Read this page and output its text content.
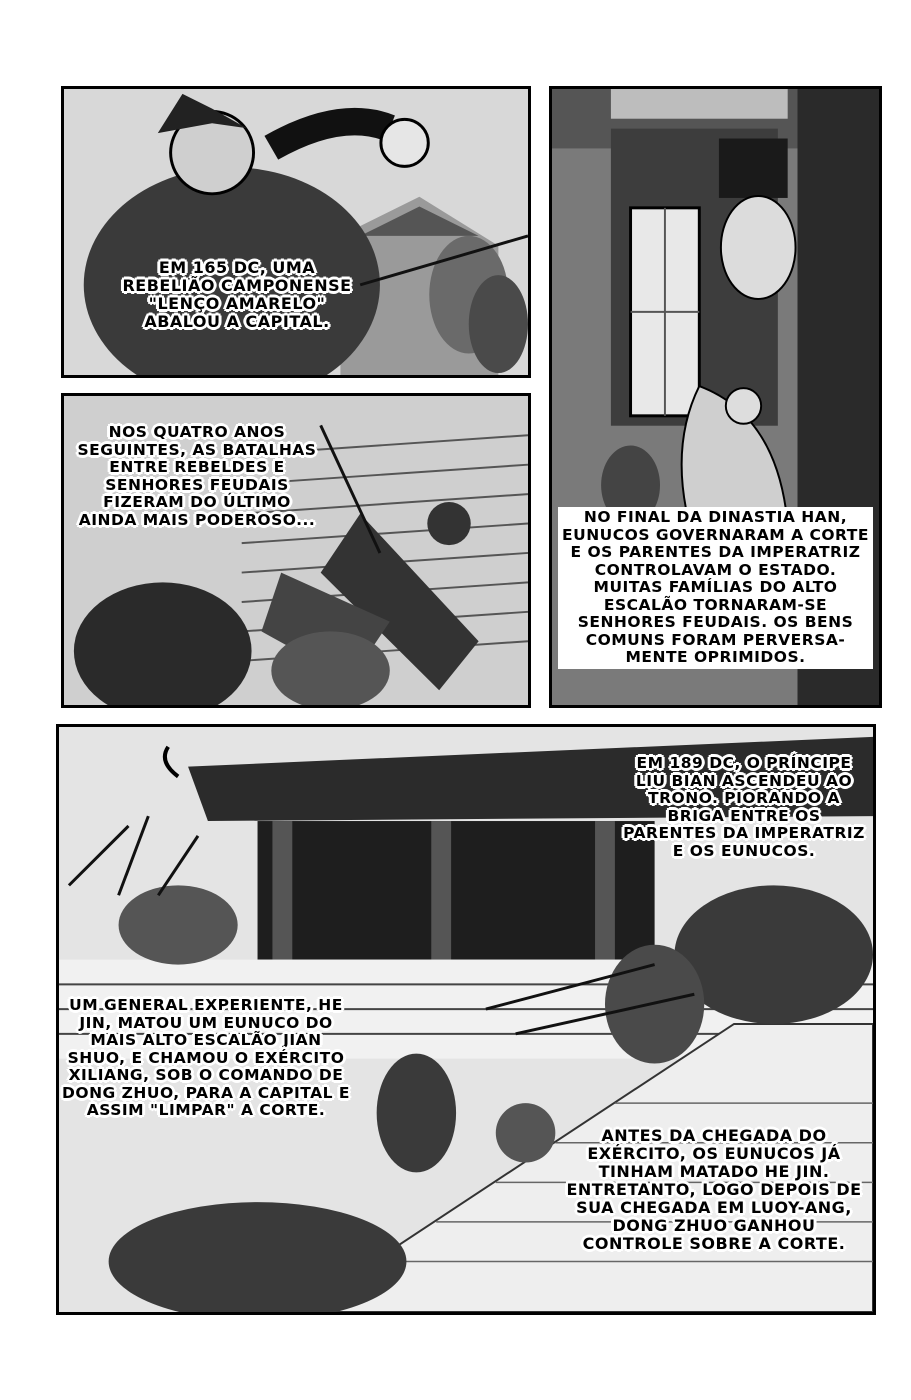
EM 165 DC, UMA REBELIÃO CAMPONENSE "LENÇO AMARELO" ABALOU A CAPITAL.
NO FINAL DA DINASTIA HAN, EUNUCOS GOVERNARAM A CORTE E OS PARENTES DA IMPERATRIZ CONTROLAVAM O ESTADO. MUITAS FAMÍLIAS DO ALTO ESCALÃO TORNARAM-SE SENHORES FEUDAIS. OS BENS COMUNS FORAM PERVERSA-MENTE OPRIMIDOS.
NOS QUATRO ANOS SEGUINTES, AS BATALHAS ENTRE REBELDES E SENHORES FEUDAIS FIZERAM DO ÚLTIMO AINDA MAIS PODEROSO...
EM 189 DC, O PRÍNCIPE LIU BIAN ASCENDEU AO TRONO. PIORANDO A BRIGA ENTRE OS PARENTES DA IMPERATRIZ E OS EUNUCOS.
UM GENERAL EXPERIENTE, HE JIN, MATOU UM EUNUCO DO MAIS ALTO ESCALÃO JIAN SHUO, E CHAMOU O EXÉRCITO XILIANG, SOB O COMANDO DE DONG ZHUO, PARA A CAPITAL E ASSIM "LIMPAR" A CORTE.
ANTES DA CHEGADA DO EXÉRCITO, OS EUNUCOS JÁ TINHAM MATADO HE JIN. ENTRETANTO, LOGO DEPOIS DE SUA CHEGADA EM LUOY-ANG, DONG ZHUO GANHOU CONTROLE SOBRE A CORTE.
